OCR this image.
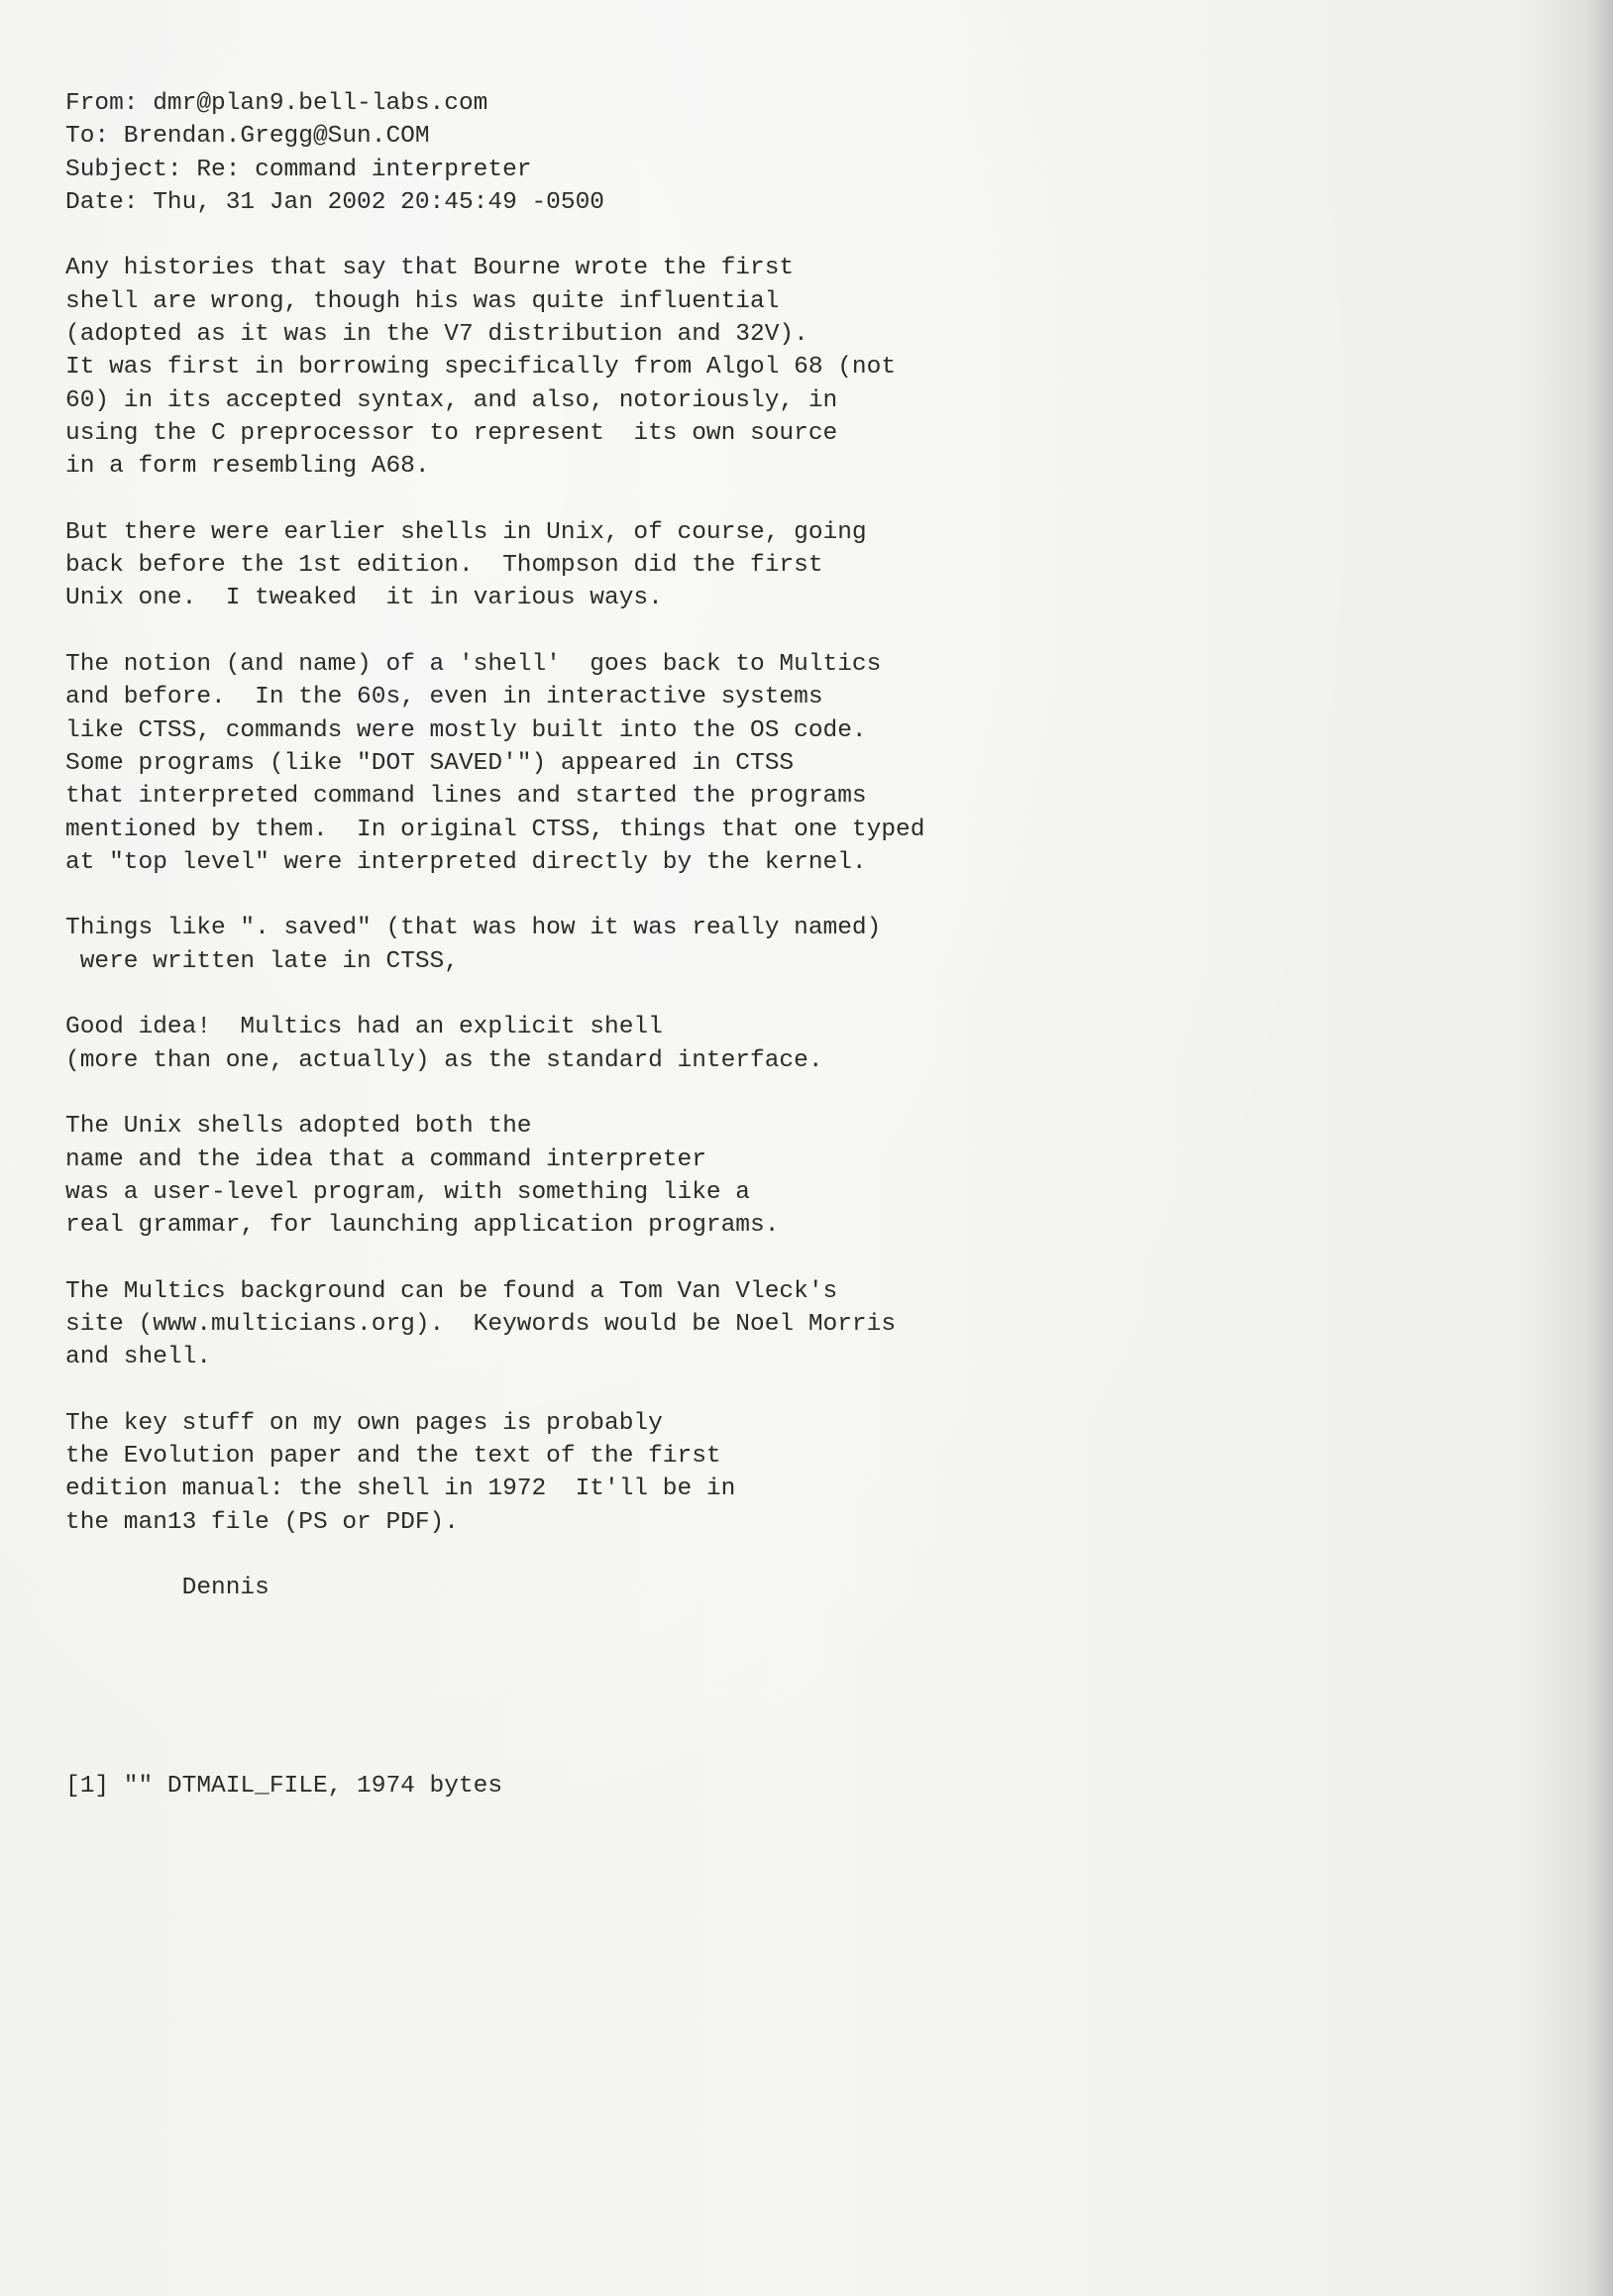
From: dmr@plan9.bell-labs.com
To: Brendan.Gregg@Sun.COM
Subject: Re: command interpreter
Date: Thu, 31 Jan 2002 20:45:49 -0500
Any histories that say that Bourne wrote the first
shell are wrong, though his was quite influential
(adopted as it was in the V7 distribution and 32V).
It was first in borrowing specifically from Algol 68 (not
60) in its accepted syntax, and also, notoriously, in
using the C preprocessor to represent  its own source
in a form resembling A68.
But there were earlier shells in Unix, of course, going
back before the 1st edition.  Thompson did the first
Unix one.  I tweaked  it in various ways.
The notion (and name) of a 'shell'  goes back to Multics
and before.  In the 60s, even in interactive systems
like CTSS, commands were mostly built into the OS code.
Some programs (like "DOT SAVED'") appeared in CTSS
that interpreted command lines and started the programs
mentioned by them.  In original CTSS, things that one typed
at "top level" were interpreted directly by the kernel.
Things like ". saved" (that was how it was really named)
were written late in CTSS,
Good idea!  Multics had an explicit shell
(more than one, actually) as the standard interface.
The Unix shells adopted both the
name and the idea that a command interpreter
was a user-level program, with something like a
real grammar, for launching application programs.
The Multics background can be found a Tom Van Vleck's
site (www.multicians.org).  Keywords would be Noel Morris
and shell.
The key stuff on my own pages is probably
the Evolution paper and the text of the first
edition manual: the shell in 1972  It'll be in
the man13 file (PS or PDF).
Dennis
[1] "" DTMAIL_FILE, 1974 bytes
